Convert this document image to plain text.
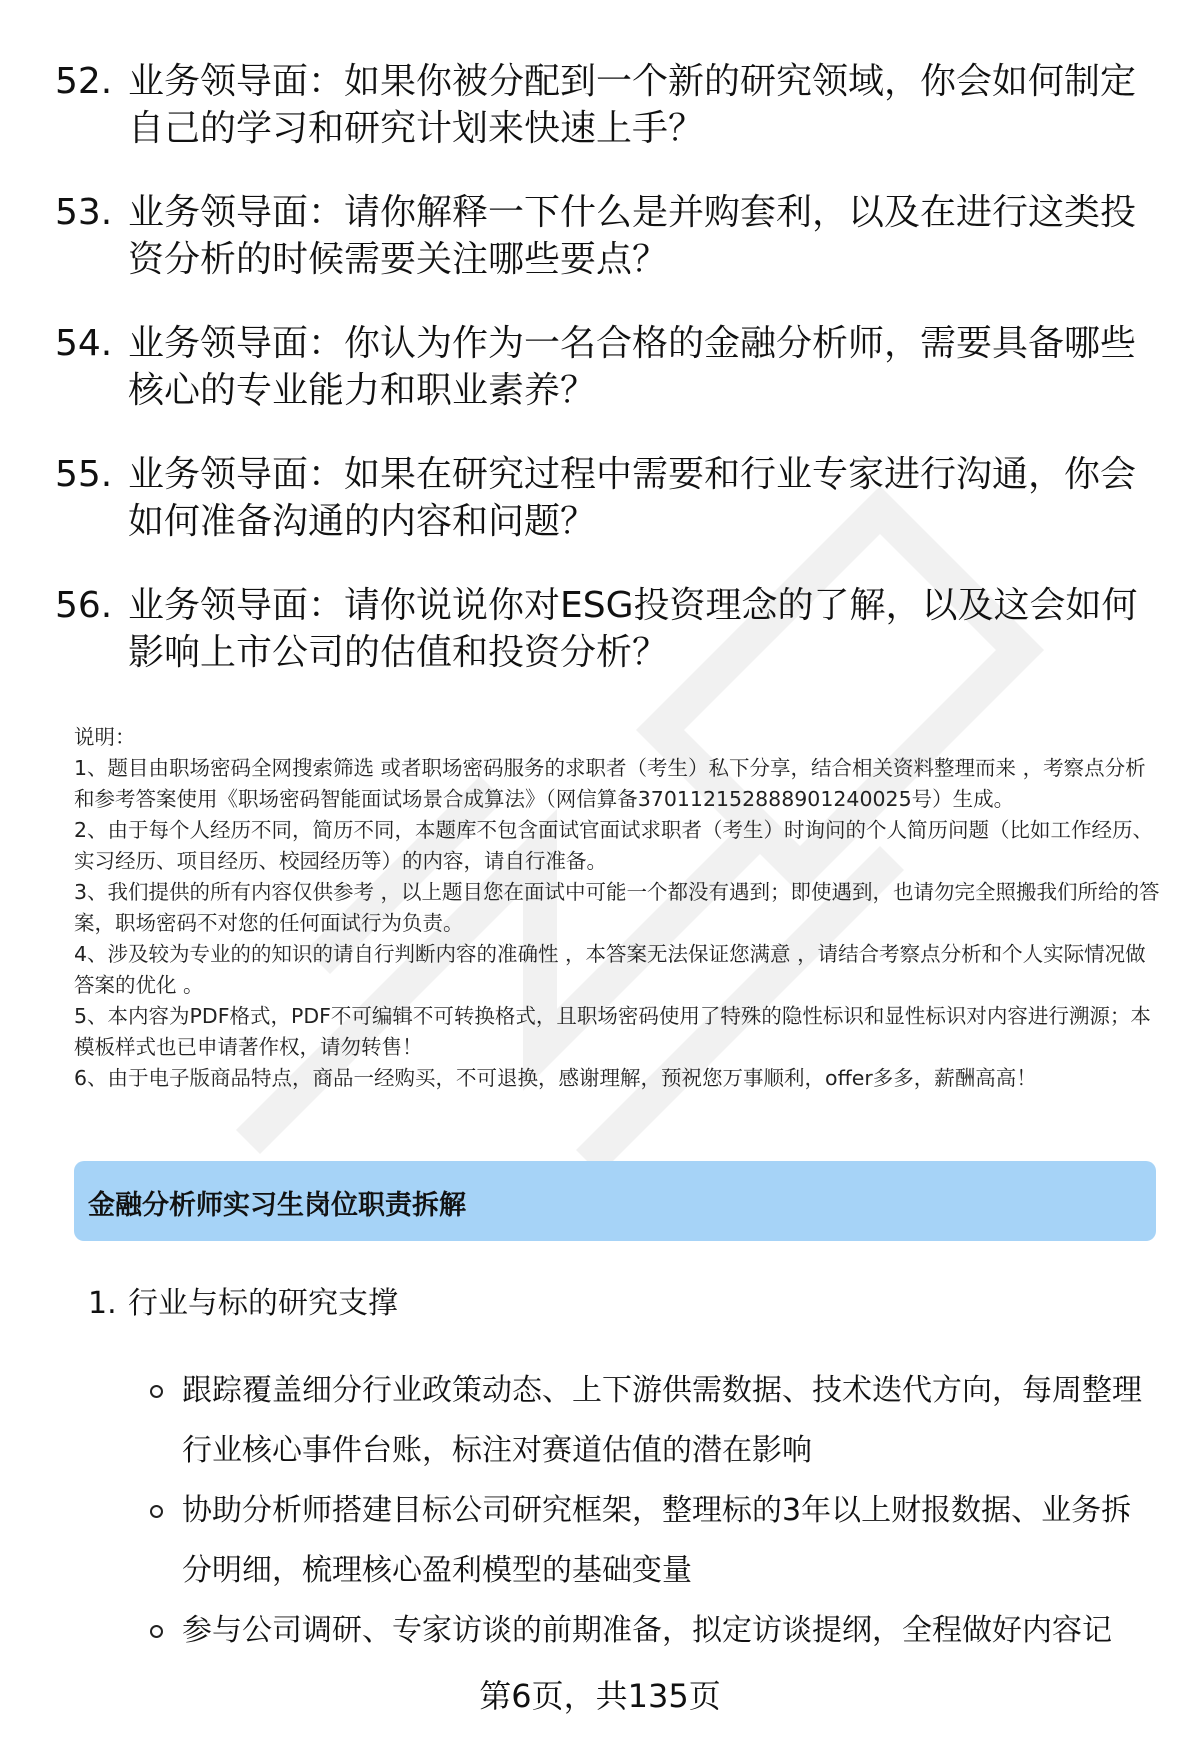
52. 业务领导面：如果你被分配到一个新的研究领域，你会如何制定自己的学习和研究计划来快速上手？
53. 业务领导面：请你解释一下什么是并购套利，以及在进行这类投资分析的时候需要关注哪些要点？
54. 业务领导面：你认为作为一名合格的金融分析师，需要具备哪些核心的专业能力和职业素养？
55. 业务领导面：如果在研究过程中需要和行业专家进行沟通，你会如何准备沟通的内容和问题？
56. 业务领导面：请你说说你对ESG投资理念的了解，以及这会如何影响上市公司的估值和投资分析？
说明：
1、题目由职场密码全网搜索筛选 或者职场密码服务的求职者（考生）私下分享，结合相关资料整理而来 ，考察点分析和参考答案使用《职场密码智能面试场景合成算法》（网信算备370112152888901240025号）生成。
2、由于每个人经历不同，简历不同，本题库不包含面试官面试求职者（考生）时询问的个人简历问题（比如工作经历、实习经历、项目经历、校园经历等）的内容，请自行准备。
3、我们提供的所有内容仅供参考 ，以上题目您在面试中可能一个都没有遇到；即使遇到，也请勿完全照搬我们所给的答案，职场密码不对您的任何面试行为负责。
4、涉及较为专业的的知识的请自行判断内容的准确性 ，本答案无法保证您满意 ，请结合考察点分析和个人实际情况做答案的优化 。
5、本内容为PDF格式，PDF不可编辑不可转换格式，且职场密码使用了特殊的隐性标识和显性标识对内容进行溯源；本模板样式也已申请著作权，请勿转售！
6、由于电子版商品特点，商品一经购买，不可退换，感谢理解，预祝您万事顺利，offer多多，薪酬高高！
金融分析师实习生岗位职责拆解
1. 行业与标的研究支撑
跟踪覆盖细分行业政策动态、上下游供需数据、技术迭代方向，每周整理行业核心事件台账，标注对赛道估值的潜在影响
协助分析师搭建目标公司研究框架，整理标的3年以上财报数据、业务拆分明细，梳理核心盈利模型的基础变量
参与公司调研、专家访谈的前期准备，拟定访谈提纲，全程做好内容记
第6页，共135页
